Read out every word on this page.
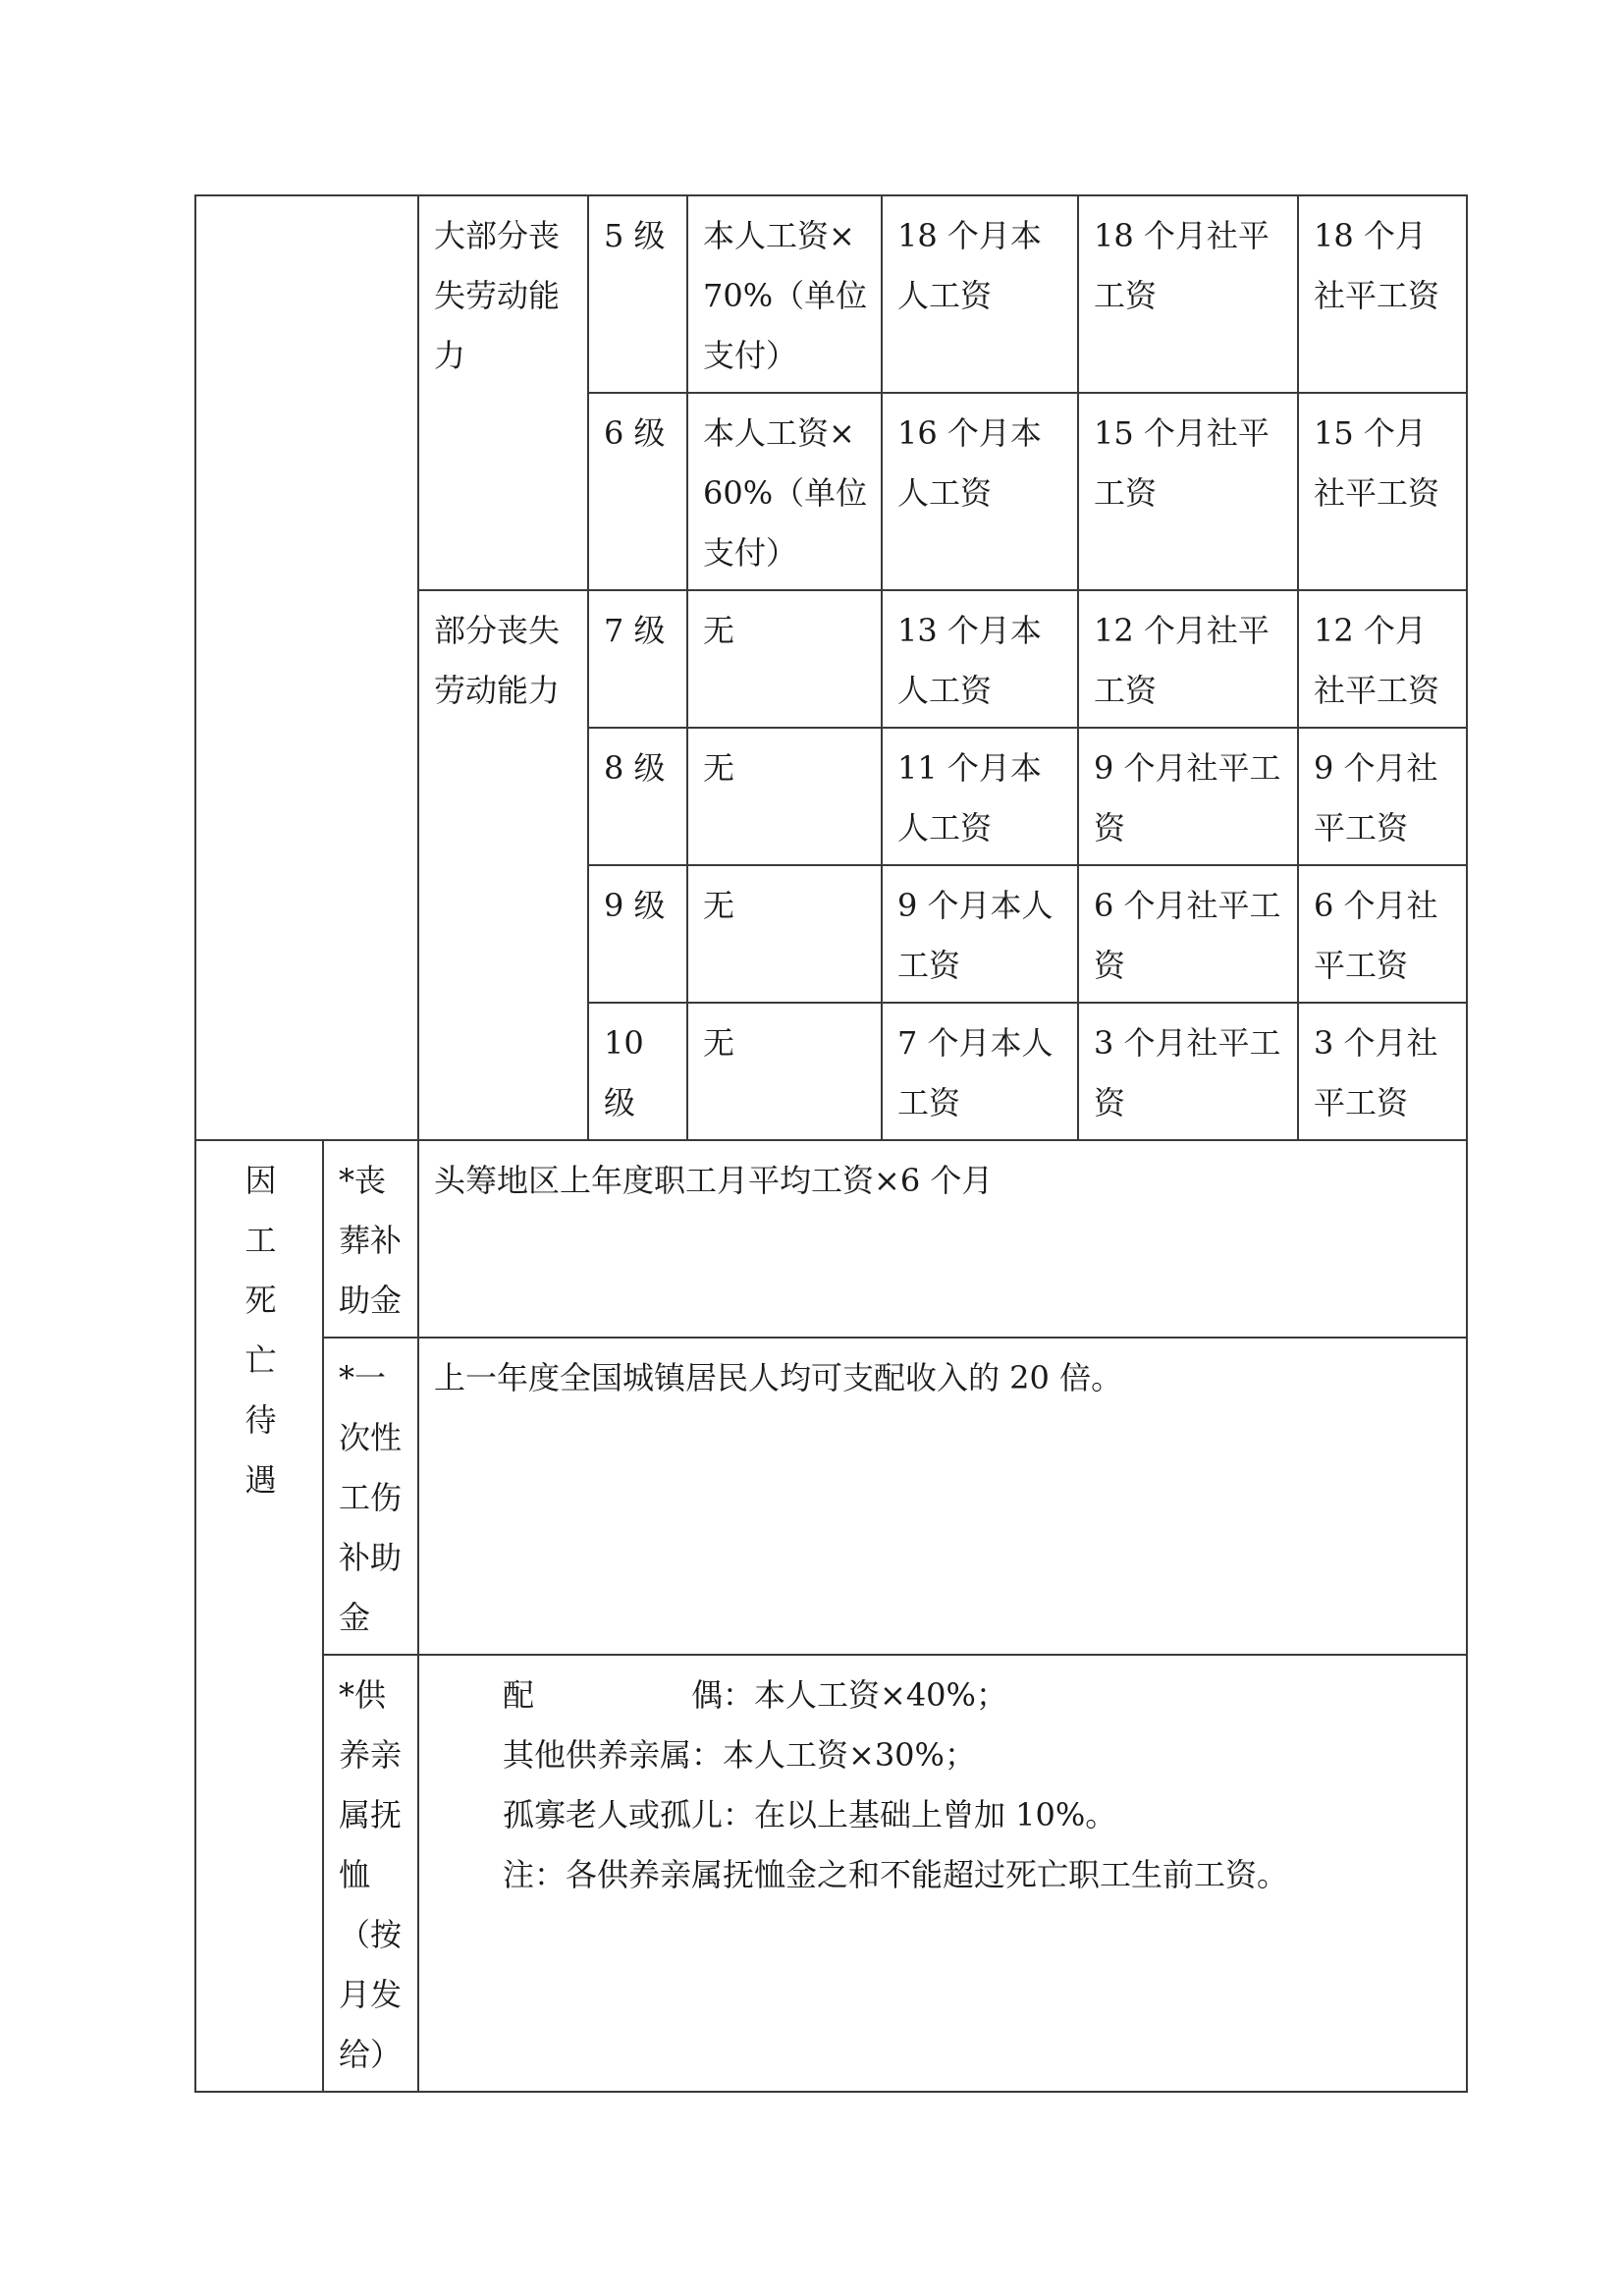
		大部分丧失劳动能力	5 级	本人工资×70%（单位支付）	18 个月本人工资	18 个月社平工资	18 个月社平工资
			6 级	本人工资×60%（单位支付）	16 个月本人工资	15 个月社平工资	15 个月社平工资
		部分丧失劳动能力	7 级	无	13 个月本人工资	12 个月社平工资	12 个月社平工资
			8 级	无	11 个月本人工资	9 个月社平工资	9 个月社平工资
			9 级	无	9 个月本人工资	6 个月社平工资	6 个月社平工资
			10 级	无	7 个月本人工资	3 个月社平工资	3 个月社平工资

因工死亡待遇	*丧葬补助金	头筹地区上年度职工月平均工资×6 个月					
	*一次性工伤补助金	上一年度全国城镇居民人均可支配收入的 20 倍。					
	*供养亲属抚恤（按月发给）	配偶：本人工资×40%；
其他供养亲属：本人工资×30%；
孤寡老人或孤儿：在以上基础上曾加 10%。
注：各供养亲属抚恤金之和不能超过死亡职工生前工资。					
